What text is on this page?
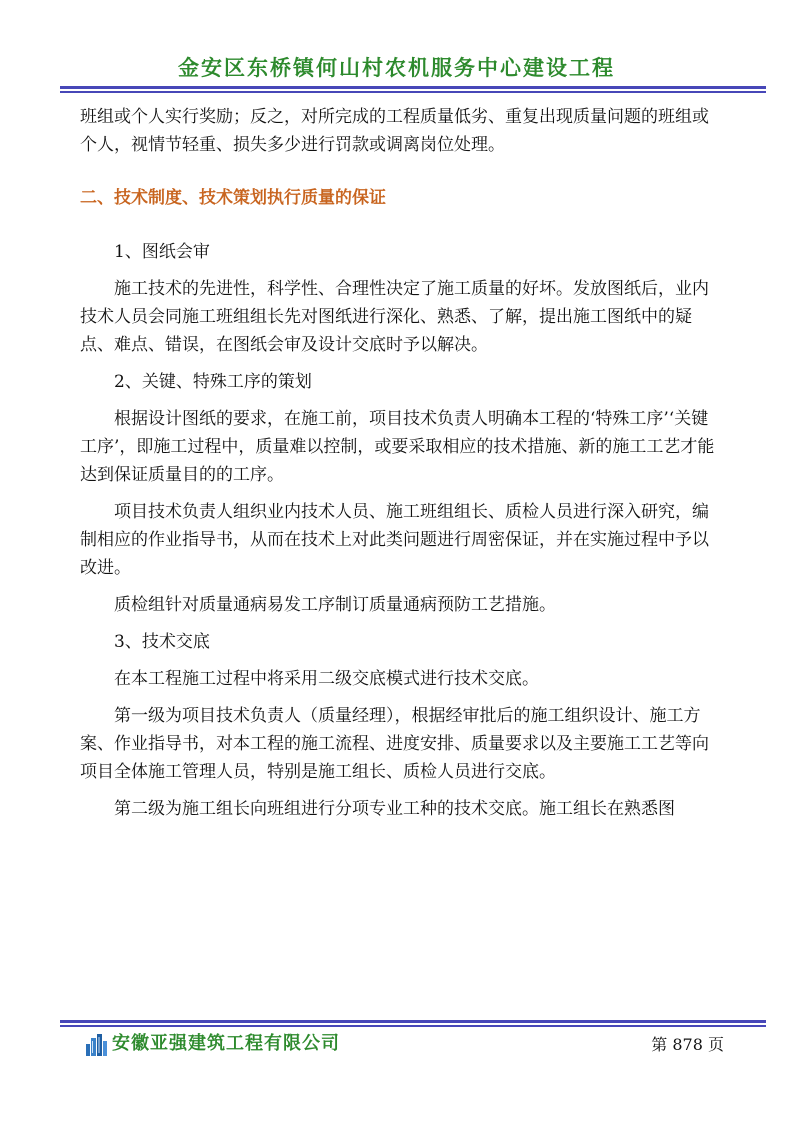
金安区东桥镇何山村农机服务中心建设工程

班组或个人实行奖励；反之，对所完成的工程质量低劣、重复出现质量问题的班组或个人，视情节轻重、损失多少进行罚款或调离岗位处理。

二、技术制度、技术策划执行质量的保证

1、图纸会审

施工技术的先进性，科学性、合理性决定了施工质量的好坏。发放图纸后，业内技术人员会同施工班组组长先对图纸进行深化、熟悉、了解，提出施工图纸中的疑点、难点、错误，在图纸会审及设计交底时予以解决。

2、关键、特殊工序的策划

根据设计图纸的要求，在施工前，项目技术负责人明确本工程的‘特殊工序’‘关键工序’，即施工过程中，质量难以控制，或要采取相应的技术措施、新的施工工艺才能达到保证质量目的的工序。

项目技术负责人组织业内技术人员、施工班组组长、质检人员进行深入研究，编制相应的作业指导书，从而在技术上对此类问题进行周密保证，并在实施过程中予以改进。

质检组针对质量通病易发工序制订质量通病预防工艺措施。

3、技术交底

在本工程施工过程中将采用二级交底模式进行技术交底。

第一级为项目技术负责人（质量经理），根据经审批后的施工组织设计、施工方案、作业指导书，对本工程的施工流程、进度安排、质量要求以及主要施工工艺等向项目全体施工管理人员，特别是施工组长、质检人员进行交底。

第二级为施工组长向班组进行分项专业工种的技术交底。施工组长在熟悉图

安徽亚强建筑工程有限公司	第 878 页
